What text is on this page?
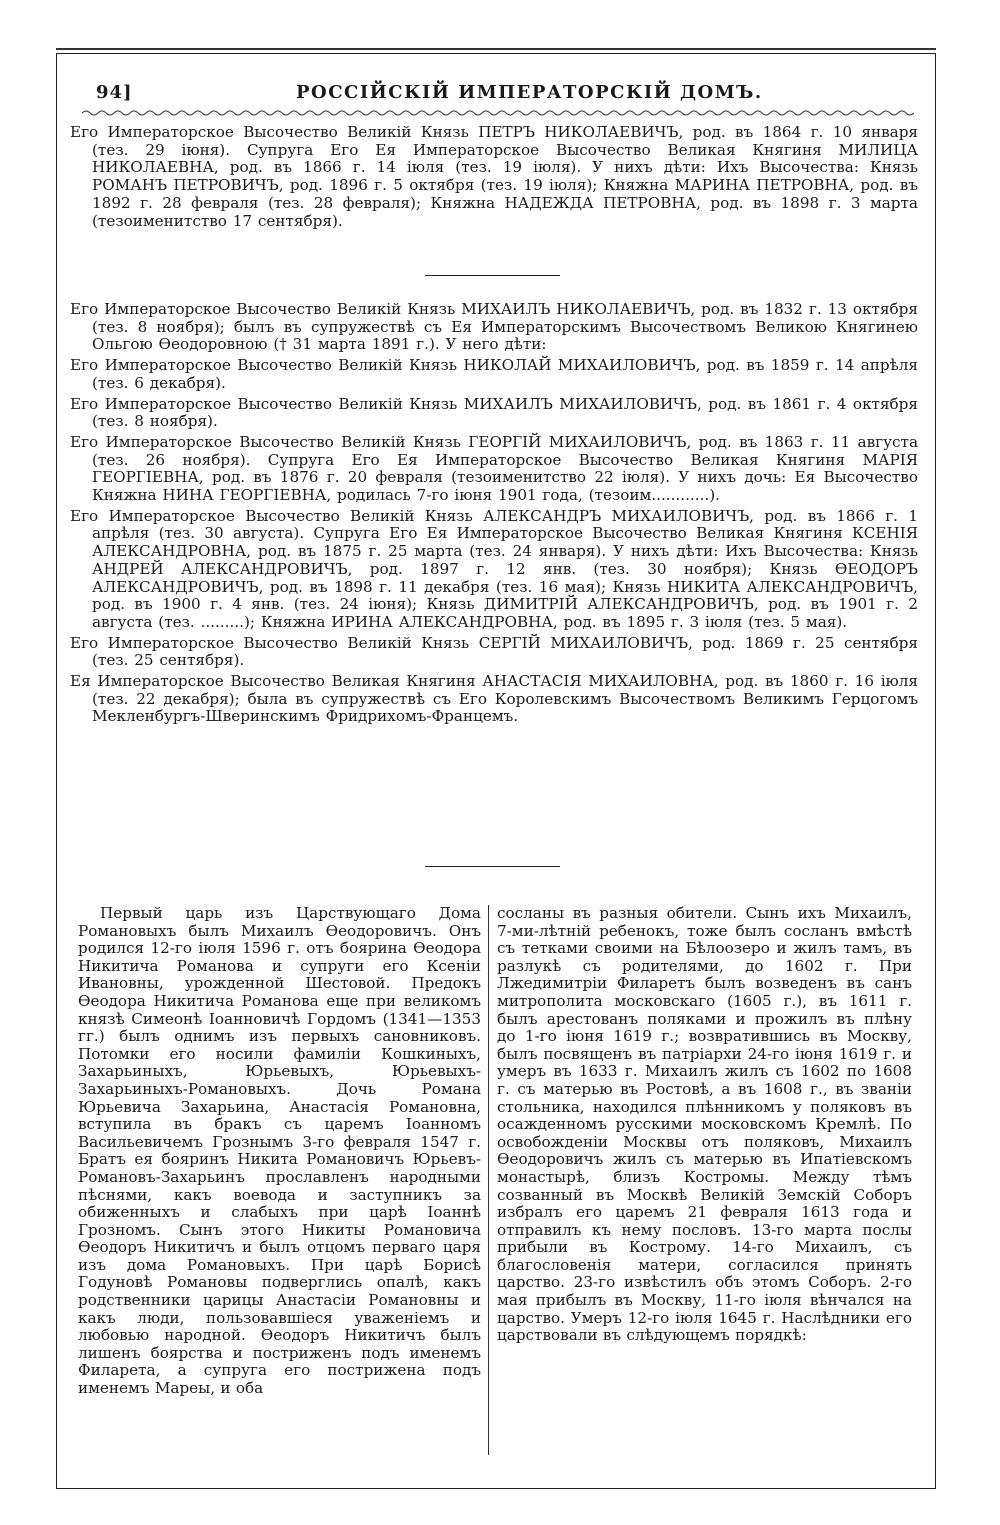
94]	РОССІЙСКІЙ ИМПЕРАТОРСКІЙ ДОМЪ.

Его Императорское Высочество Великій Князь ПЕТРЪ НИКОЛАЕВИЧЪ, род. въ 1864 г. 10 января (тез. 29 іюня). Супруга Его Ея Императорское Высочество Великая Княгиня МИЛИЦА НИКОЛАЕВНА, род. въ 1866 г. 14 іюля (тез. 19 іюля). У нихъ дѣти: Ихъ Высочества: Князь РОМАНЪ ПЕТРОВИЧЪ, род. 1896 г. 5 октября (тез. 19 іюля); Княжна МАРИНА ПЕТРОВНА, род. въ 1892 г. 28 февраля (тез. 28 февраля); Княжна НАДЕЖДА ПЕТРОВНА, род. въ 1898 г. 3 марта (тезоименитство 17 сентября).

Его Императорское Высочество Великій Князь МИХАИЛЪ НИКОЛАЕВИЧЪ, род. въ 1832 г. 13 октября (тез. 8 ноября); былъ въ супружествѣ съ Ея Императорскимъ Высочествомъ Великою Княгинею Ольгою Ѳеодоровною († 31 марта 1891 г.). У него дѣти:

Его Императорское Высочество Великій Князь НИКОЛАЙ МИХАИЛОВИЧЪ, род. въ 1859 г. 14 апрѣля (тез. 6 декабря).

Его Императорское Высочество Великій Князь МИХАИЛЪ МИХАИЛОВИЧЪ, род. въ 1861 г. 4 октября (тез. 8 ноября).

Его Императорское Высочество Великій Князь ГЕОРГІЙ МИХАИЛОВИЧЪ, род. въ 1863 г. 11 августа (тез. 26 ноября). Супруга Его Ея Императорское Высочество Великая Княгиня МАРІЯ ГЕОРГІЕВНА, род. въ 1876 г. 20 февраля (тезоименитство 22 іюля). У нихъ дочь: Ея Высочество Княжна НИНА ГЕОРГІЕВНА, родилась 7-го іюня 1901 года, (тезоим............).

Его Императорское Высочество Великій Князь АЛЕКСАНДРЪ МИХАИЛОВИЧЪ, род. въ 1866 г. 1 апрѣля (тез. 30 августа). Супруга Его Ея Императорское Высочество Великая Княгиня КСЕНІЯ АЛЕКСАНДРОВНА, род. въ 1875 г. 25 марта (тез. 24 января). У нихъ дѣти: Ихъ Высочества: Князь АНДРЕЙ АЛЕКСАНДРОВИЧЪ, род. 1897 г. 12 янв. (тез. 30 ноября); Князь ѲЕОДОРЪ АЛЕКСАНДРОВИЧЪ, род. въ 1898 г. 11 декабря (тез. 16 мая); Князь НИКИТА АЛЕКСАНДРОВИЧЪ, род. въ 1900 г. 4 янв. (тез. 24 іюня); Князь ДИМИТРІЙ АЛЕКСАНДРОВИЧЪ, род. въ 1901 г. 2 августа (тез. .........); Княжна ИРИНА АЛЕКСАНДРОВНА, род. въ 1895 г. 3 іюля (тез. 5 мая).

Его Императорское Высочество Великій Князь СЕРГІЙ МИХАИЛОВИЧЪ, род. 1869 г. 25 сентября (тез. 25 сентября).

Ея Императорское Высочество Великая Княгиня АНАСТАСІЯ МИХАИЛОВНА, род. въ 1860 г. 16 іюля (тез. 22 декабря); была въ супружествѣ съ Его Королевскимъ Высочествомъ Великимъ Герцогомъ Мекленбургъ-Шверинскимъ Фридрихомъ-Францемъ.

Первый царь изъ Царствующаго Дома Романовыхъ былъ Михаилъ Ѳеодоровичъ. Онъ родился 12-го іюля 1596 г. отъ боярина Ѳеодора Никитича Романова и супруги его Ксеніи Ивановны, урожденной Шестовой. Предокъ Ѳеодора Никитича Романова еще при великомъ князѣ Симеонѣ Іоанновичѣ Гордомъ (1341—1353 гг.) былъ однимъ изъ первыхъ сановниковъ. Потомки его носили фамиліи Кошкиныхъ, Захарьиныхъ, Юрьевыхъ, Юрьевыхъ-Захарьиныхъ-Романовыхъ. Дочь Романа Юрьевича Захарьина, Анастасія Романовна, вступила въ бракъ съ царемъ Іоанномъ Васильевичемъ Грознымъ 3-го февраля 1547 г. Братъ ея бояринъ Никита Романовичъ Юрьевъ-Романовъ-Захарьинъ прославленъ народными пѣснями, какъ воевода и заступникъ за обиженныхъ и слабыхъ при царѣ Іоаннѣ Грозномъ. Сынъ этого Никиты Романовича Ѳеодоръ Никитичъ и былъ отцомъ перваго царя изъ дома Романовыхъ. При царѣ Борисѣ Годуновѣ Романовы подверглись опалѣ, какъ родственники царицы Анастасіи Романовны и какъ люди, пользовавшіеся уваженіемъ и любовью народной. Ѳеодоръ Никитичъ былъ лишенъ боярства и постриженъ подъ именемъ Филарета, а супруга его пострижена подъ именемъ Мареы, и оба

сосланы въ разныя обители. Сынъ ихъ Михаилъ, 7-ми-лѣтній ребенокъ, тоже былъ сосланъ вмѣстѣ съ тетками своими на Бѣлоозеро и жилъ тамъ, въ разлукѣ съ родителями, до 1602 г. При Лжедимитріи Филаретъ былъ возведенъ въ санъ митрополита московскаго (1605 г.), въ 1611 г. былъ арестованъ поляками и прожилъ въ плѣну до 1-го іюня 1619 г.; возвратившись въ Москву, былъ посвященъ въ патріархи 24-го іюня 1619 г. и умеръ въ 1633 г. Михаилъ жилъ съ 1602 по 1608 г. съ матерью въ Ростовѣ, а въ 1608 г., въ званіи стольника, находился плѣнникомъ у поляковъ въ осажденномъ русскими московскомъ Кремлѣ. По освобожденіи Москвы отъ поляковъ, Михаилъ Ѳеодоровичъ жилъ съ матерью въ Ипатіевскомъ монастырѣ, близъ Костромы. Между тѣмъ созванный въ Москвѣ Великій Земскій Соборъ избралъ его царемъ 21 февраля 1613 года и отправилъ къ нему пословъ. 13-го марта послы прибыли въ Кострому. 14-го Михаилъ, съ благословенія матери, согласился принять царство. 23-го извѣстилъ объ этомъ Соборъ. 2-го мая прибылъ въ Москву, 11-го іюля вѣнчался на царство. Умеръ 12-го іюля 1645 г. Наслѣдники его царствовали въ слѣдующемъ порядкѣ:
